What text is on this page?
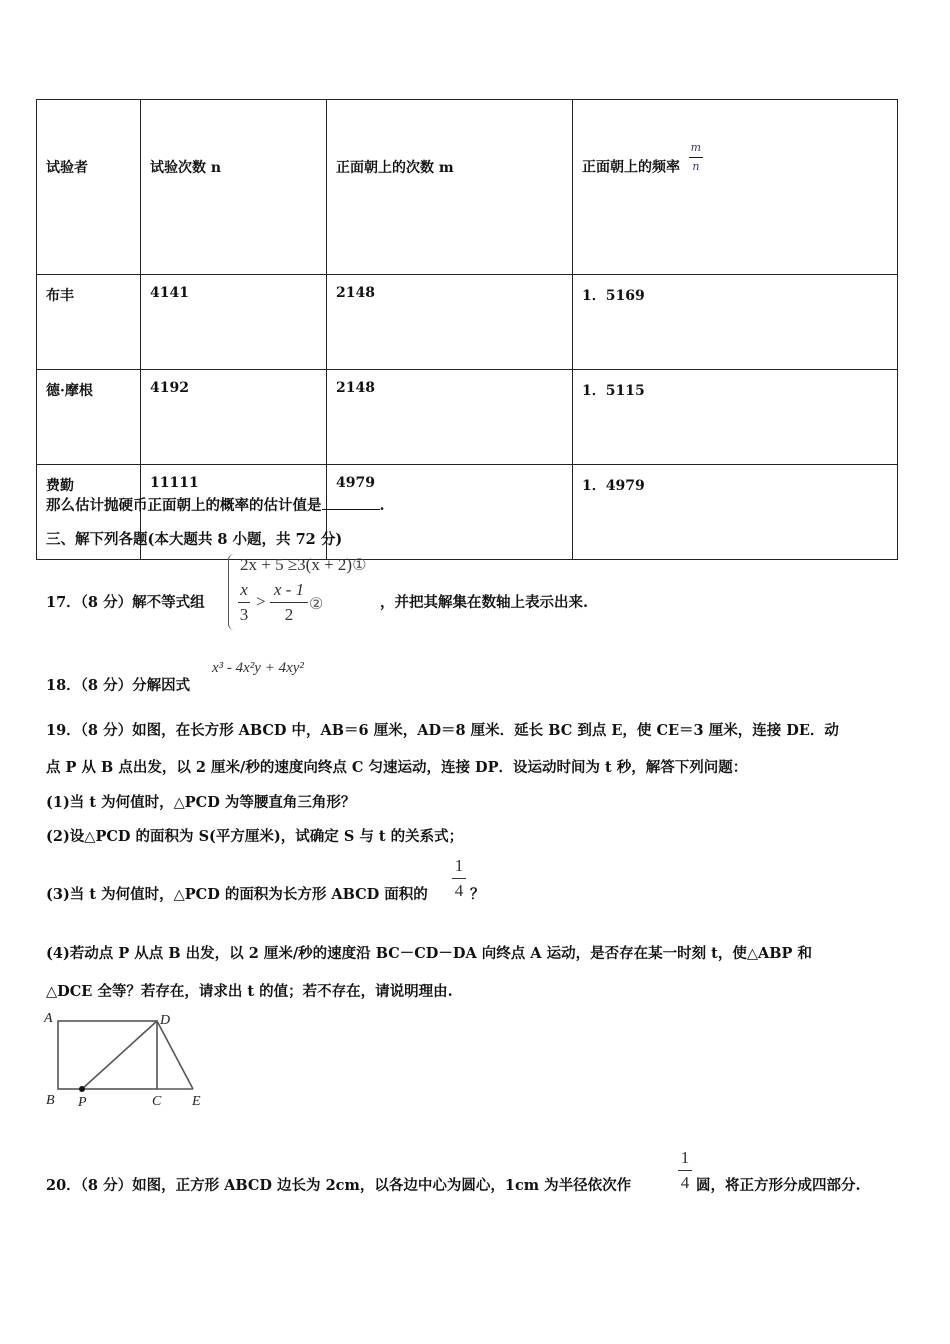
试验者	试验次数 n	正面朝上的次数 m	正面朝上的频率 $\frac{m}{n}$

布丰	4141	2148	1．5169
德·摩根	4192	2148	1．5115
费勤	11111	4979	1．4979
那么估计抛硬币正面朝上的概率的估计值是	.
三、解下列各题(本大题共 8 小题，共 72 分)
17．（8 分）解不等式组
2x + 5 ≥3(x + 2)①
x
3
>
x - 1
2
②	，并把其解集在数轴上表示出来.
18．（8 分）分解因式
x³ - 4x²y + 4xy²
19．（8 分）如图，在长方形 ABCD 中，AB＝6 厘米，AD＝8 厘米．延长 BC 到点 E，使 CE＝3 厘米，连接 DE．动
点 P 从 B 点出发，以 2 厘米/秒的速度向终点 C 匀速运动，连接 DP．设运动时间为 t 秒，解答下列问题：
(1)当 t 为何值时，△PCD 为等腰直角三角形？
(2)设△PCD 的面积为 S(平方厘米)，试确定 S 与 t 的关系式；
(3)当 t 为何值时，△PCD 的面积为长方形 ABCD 面积的
1
4 ？
(4)若动点 P 从点 B 出发，以 2 厘米/秒的速度沿 BC－CD－DA 向终点 A 运动，是否存在某一时刻 t，使△ABP 和
△DCE 全等？若存在，请求出 t 的值；若不存在，请说明理由.
A	D
B P	C E
20．（8 分）如图，正方形 ABCD 边长为 2cm，以各边中心为圆心，1cm 为半径依次作
1
4 圆，将正方形分成四部分.
